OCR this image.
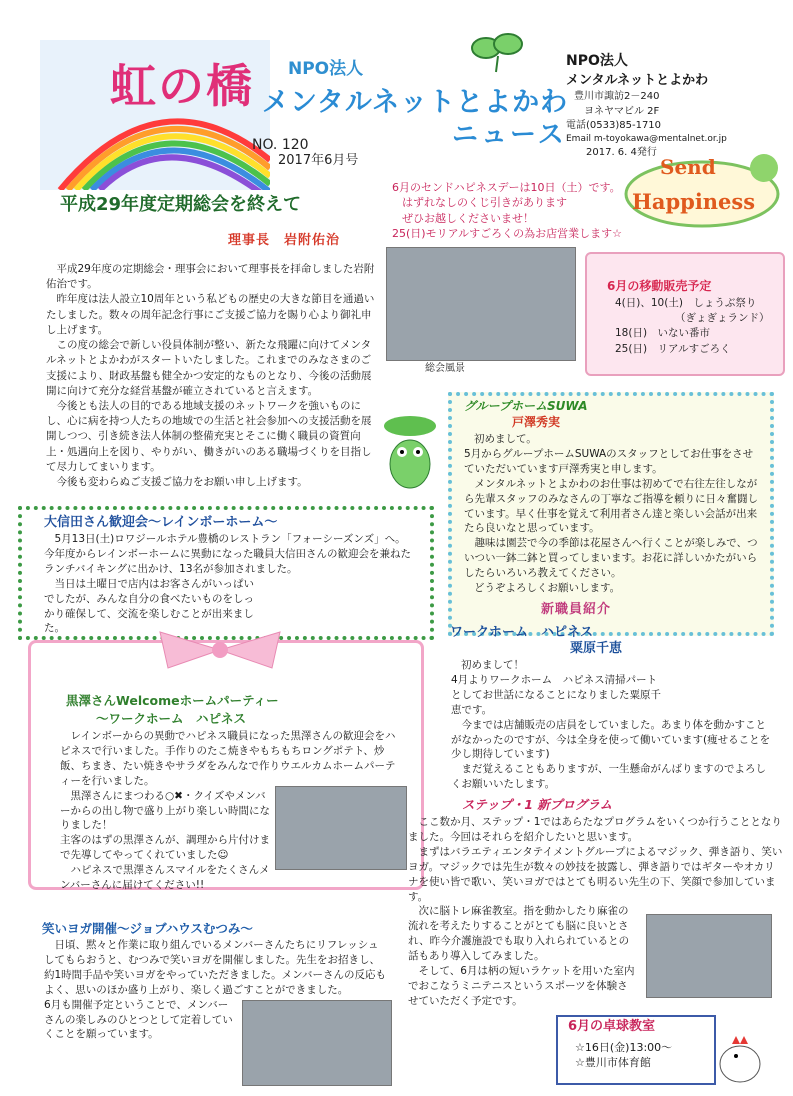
虹の橋 NPO法人
メンタルネットとよかわ
ニュース
NO. 120
2017年6月号
NPO法人
メンタルネットとよかわ
豊川市諏訪2－240
ヨネヤマビル 2F
電話(0533)85-1710
Email m-toyokawa@mentalnet.or.jp
2017. 6. 4発行
Send
Happiness
6月のセンドハピネスデーは10日（土）です。
はずれなしのくじ引きがあります
ぜひお越しくださいませ！
25(日)モリアルすごろくの為お店営業します☆
平成29年度定期総会を終えて
理事長　岩附佑治

平成29年度の定期総会・理事会において理事長を拝命しました岩附佑治です。

昨年度は法人設立10周年という私どもの歴史の大きな節目を通過いたしました。数々の周年記念行事にご支援ご協力を賜り心より御礼申し上げます。

この度の総会で新しい役員体制が整い、新たな飛躍に向けてメンタルネットとよかわがスタートいたしました。これまでのみなさまのご支援により、財政基盤も健全かつ安定的なものとなり、今後の活動展開に向けて充分な経営基盤が確立されていると言えます。

今後とも法人の目的である地域支援のネットワークを強いものにし、心に病を持つ人たちの地域での生活と社会参加への支援活動を展開しつつ、引き続き法人体制の整備充実とそこに働く職員の資質向上・処遇向上を図り、やりがい、働きがいのある職場づくりを目指して尽力してまいります。

今後も変わらぬご支援ご協力をお願い申し上げます。

総会風景
6月の移動販売予定
4(日)、10(土)　しょうぶ祭り
（ぎょぎょランド）
18(日)　いない番市
25(日)　リアルすごろく
グループホームSUWA
戸澤秀実

初めまして。

5月からグループホームSUWAのスタッフとしてお仕事をさせていただいています戸澤秀実と申します。

メンタルネットとよかわのお仕事は初めてで右往左往しながら先輩スタッフのみなさんの丁寧なご指導を頼りに日々奮闘しています。早く仕事を覚えて利用者さん達と楽しい会話が出来たら良いなと思っています。

趣味は園芸で今の季節は花屋さんへ行くことが楽しみで、ついつい一鉢二鉢と買ってしまいます。お花に詳しいかたがいらしたらいろいろ教えてください。

どうぞよろしくお願いします。

大信田さん歓迎会～レインボーホーム～

5月13日(土)ロワジールホテル豊橋のレストラン「フォーシーズンズ」へ。今年度からレインボーホームに異動になった職員大信田さんの歓迎会を兼ねたランチバイキングに出かけ、13名が参加されました。

当日は土曜日で店内はお客さんがいっぱいでしたが、みんな自分の食べたいものをしっかり確保して、交流を楽しむことが出来ました。

新職員紹介
ワークホーム　ハピネス
粟原千恵

初めまして！

4月よりワークホーム　ハピネス清掃パートとしてお世話になることになりました粟原千恵です。

今までは店舗販売の店員をしていました。あまり体を動かすことがなかったのですが、今は全身を使って働いています(痩せることを少し期待しています)

まだ覚えることもありますが、一生懸命がんばりますのでよろしくお願いいたします。

黒澤さんWelcomeホームパーティー
～ワークホーム　ハピネス

レインボーからの異動でハピネス職員になった黒澤さんの歓迎会をハピネスで行いました。手作りのたこ焼きやもちもちロングポテト、炒飯、ちまき、たい焼きやサラダをみんなで作りウエルカムホームパーティーを行いました。

黒澤さんにまつわる○✖・クイズやメンバーからの出し物で盛り上がり楽しい時間になりました！

主客のはずの黒澤さんが、調理から片付けまで先導してやってくれていました☺

ハピネスで黒澤さんスマイルをたくさんメンバーさんに届けてください!!

笑いヨガ開催～ジョブハウスむつみ～

日頃、黙々と作業に取り組んでいるメンバーさんたちにリフレッシュしてもらおうと、むつみで笑いヨガを開催しました。先生をお招きし、約1時間手品や笑いヨガをやっていただきました。メンバーさんの反応もよく、思いのほか盛り上がり、楽しく過ごすことができました。

6月も開催予定ということで、メンバーさんの楽しみのひとつとして定着していくことを願っています。

ステップ・1 新プログラム

ここ数か月、ステップ・1ではあらたなプログラムをいくつか行うこととなりました。今回はそれらを紹介したいと思います。

まずはバラエティエンタテイメントグループによるマジック、弾き語り、笑いヨガ。マジックでは先生が数々の妙技を披露し、弾き語りではギターやオカリナを使い皆で歌い、笑いヨガではとても明るい先生の下、笑顔で参加しています。

次に脳トレ麻雀教室。指を動かしたり麻雀の流れを考えたりすることがとても脳に良いとされ、昨今介護施設でも取り入れられているとの話もあり導入してみました。

そして、6月は柄の短いラケットを用いた室内でおこなうミニテニスというスポーツを体験させていただく予定です。

6月の卓球教室
☆16日(金)13:00～
☆豊川市体育館
